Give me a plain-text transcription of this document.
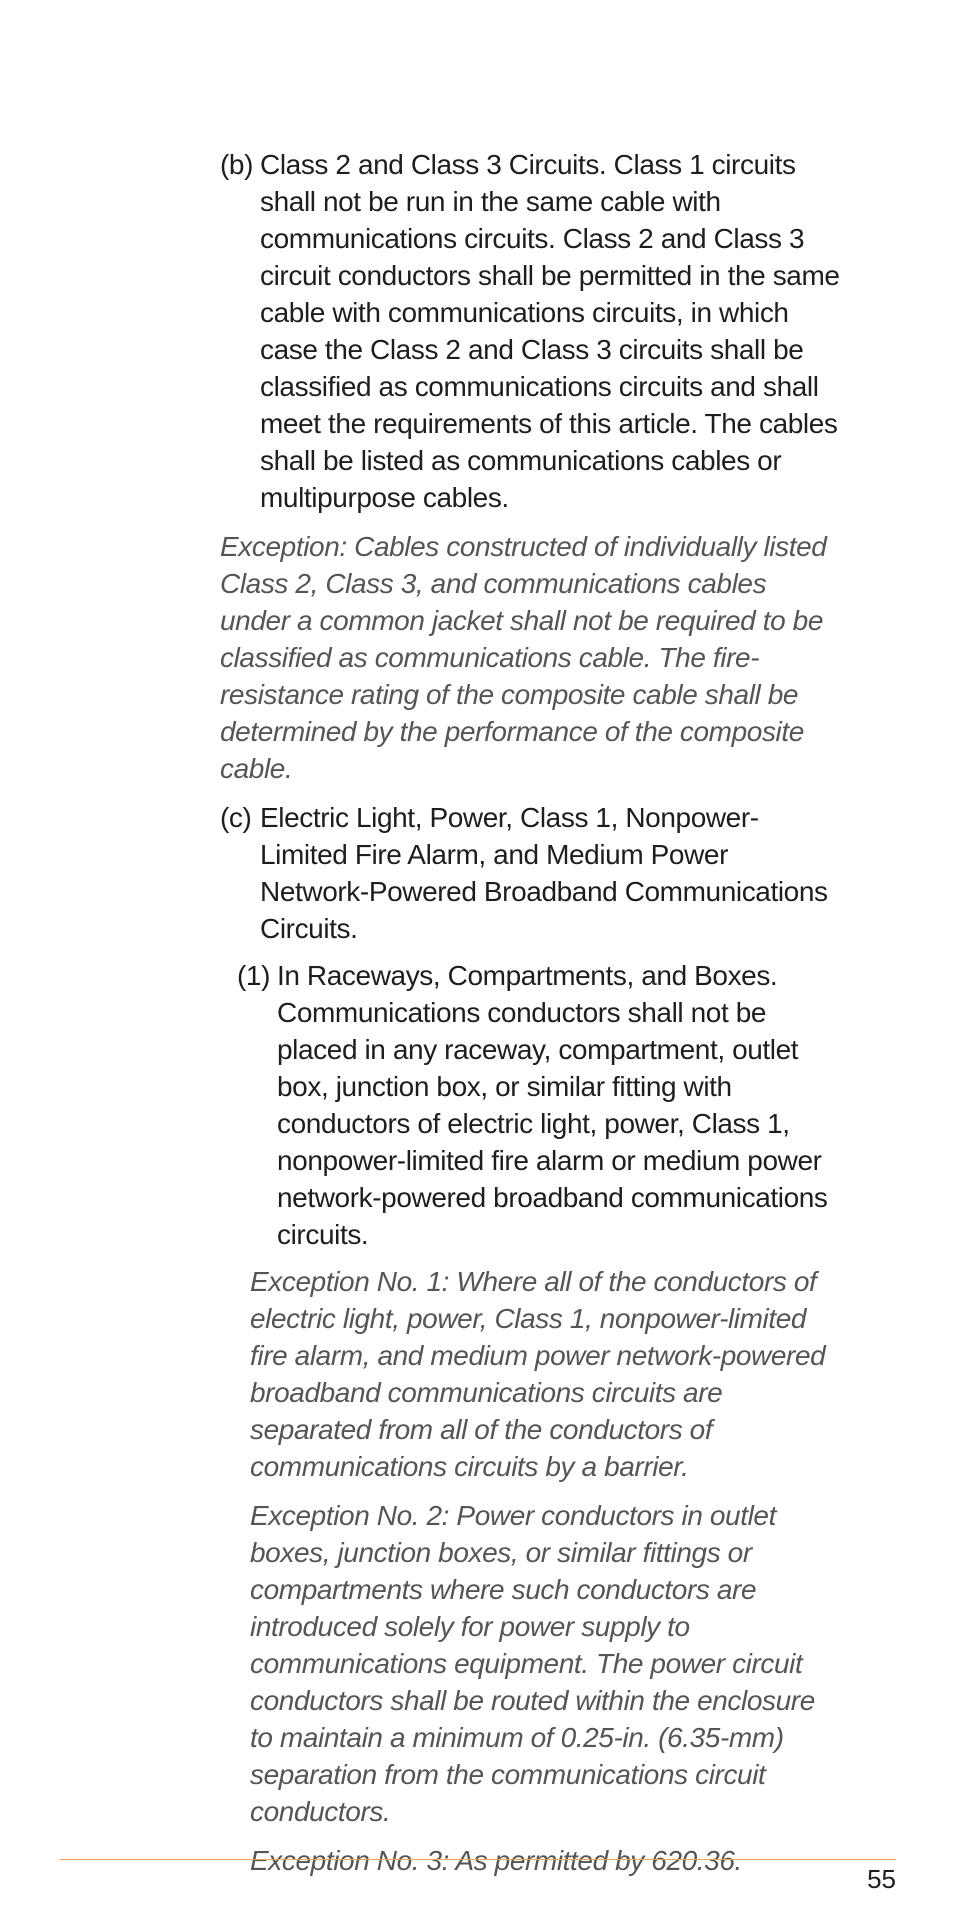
(b) Class 2 and Class 3 Circuits. Class 1 circuits shall not be run in the same cable with communications circuits. Class 2 and Class 3 circuit conductors shall be permitted in the same cable with communications circuits, in which case the Class 2 and Class 3 circuits shall be classified as communications circuits and shall meet the requirements of this article. The cables shall be listed as communications cables or multipurpose cables.
Exception: Cables constructed of individually listed Class 2, Class 3, and communications cables under a common jacket shall not be required to be classified as communications cable. The fire-resistance rating of the composite cable shall be determined by the performance of the composite cable.
(c) Electric Light, Power, Class 1, Nonpower-Limited Fire Alarm, and Medium Power Network-Powered Broadband Communications Circuits.
(1) In Raceways, Compartments, and Boxes. Communications conductors shall not be placed in any raceway, compartment, outlet box, junction box, or similar fitting with conductors of electric light, power, Class 1, nonpower-limited fire alarm or medium power network-powered broadband communications circuits.
Exception No. 1: Where all of the conductors of electric light, power, Class 1, nonpower-limited fire alarm, and medium power network-powered broadband communications circuits are separated from all of the conductors of communications circuits by a barrier.
Exception No. 2: Power conductors in outlet boxes, junction boxes, or similar fittings or compartments where such conductors are introduced solely for power supply to communications equipment. The power circuit conductors shall be routed within the enclosure to maintain a minimum of 0.25-in. (6.35-mm) separation from the communications circuit conductors.
Exception No. 3: As permitted by 620.36.
55
